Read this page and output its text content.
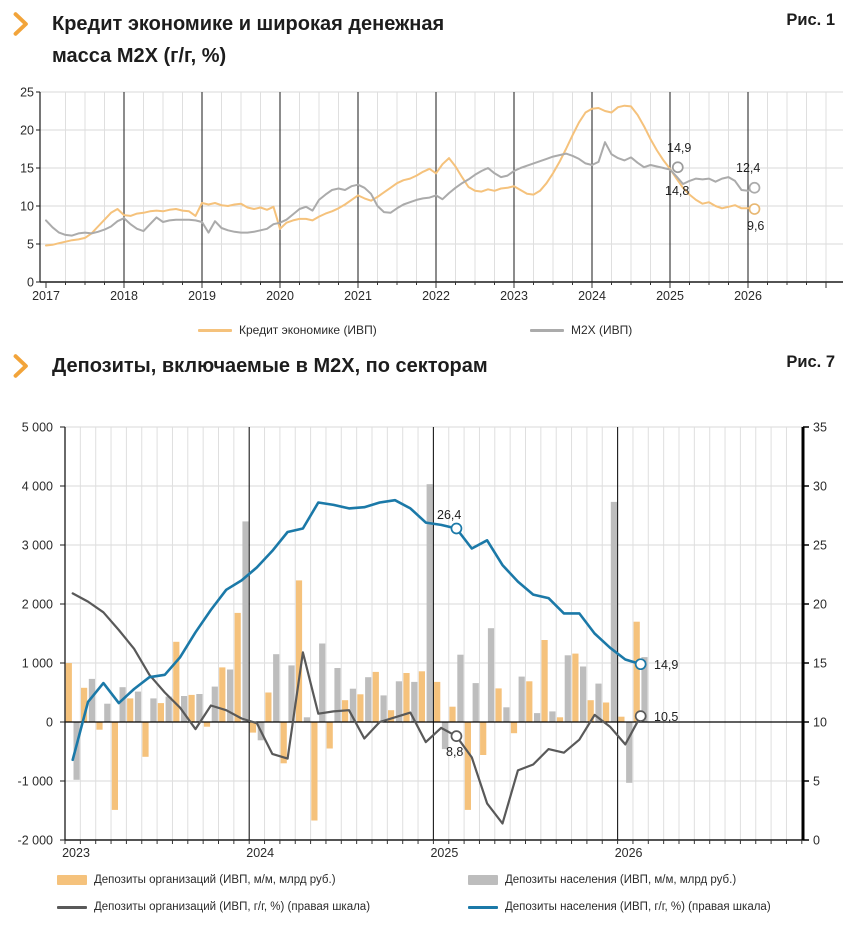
Кредит экономике и широкая денежная
масса М2Х (г/г, %)
Рис. 1
0
5
10
15
20
25
2017	2018	2019	2020	2021	2022	2023	2024	2025	2026
14,9
14,8
12,4
9,6
Кредит экономике (ИВП)	М2Х (ИВП)
Депозиты, включаемые в М2Х, по секторам	Рис. 7
26,4
8,8
14,9
10,5
5 000
4 000
3 000
2 000
1 000
0
-1 000
-2 000
35
30
25
20
15
10
5
0
2023	2024	2025	2026
Депозиты организаций (ИВП, м/м, млрд руб.)	Депозиты населения (ИВП, м/м, млрд руб.)
Депозиты организаций (ИВП, г/г, %) (правая шкала)	Депозиты населения (ИВП, г/г, %) (правая шкала)
